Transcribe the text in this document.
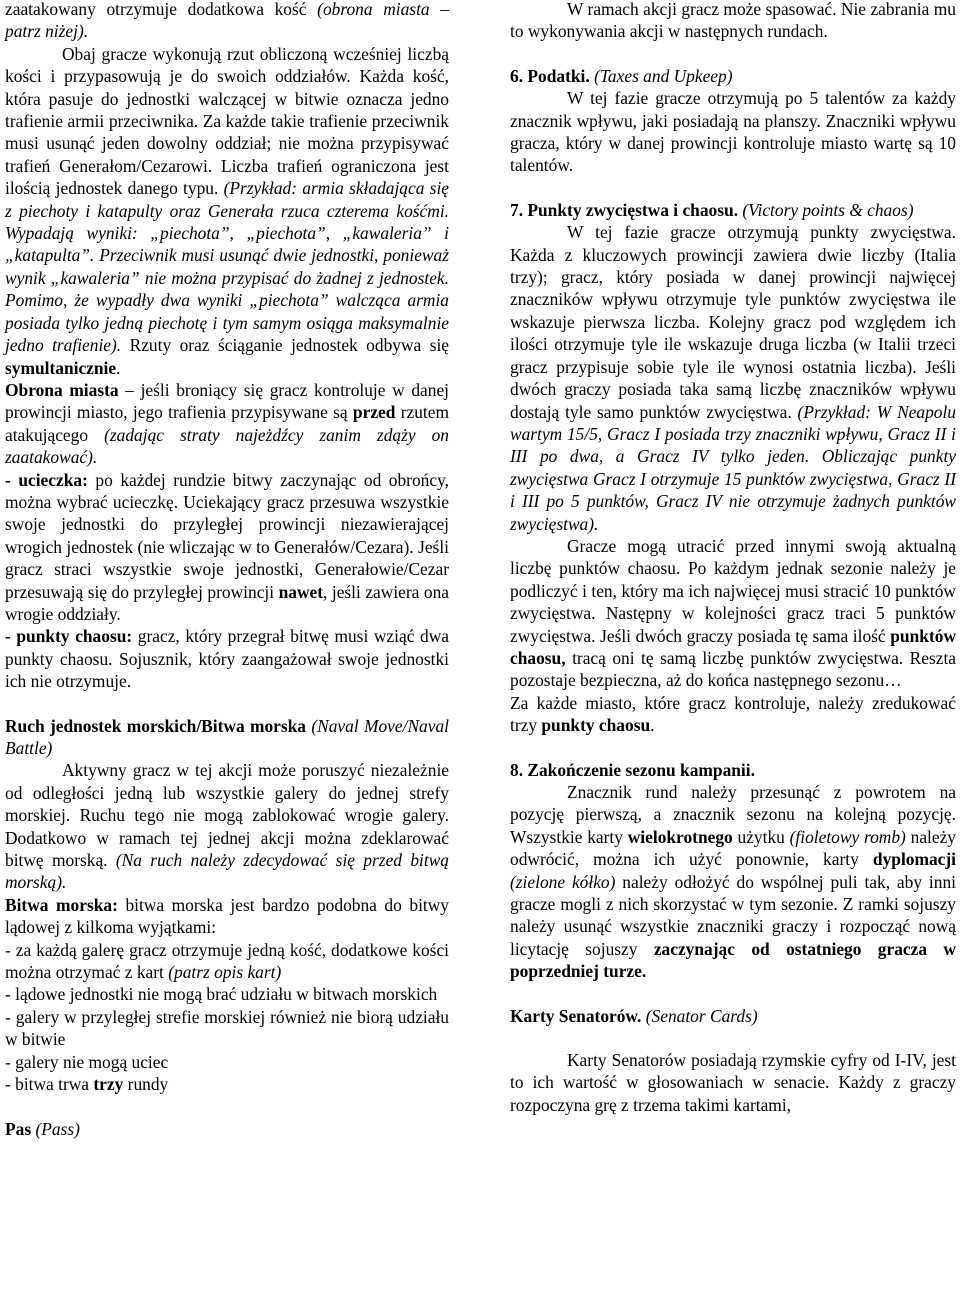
zaatakowany otrzymuje dodatkowa kość (obrona miasta – patrz niżej).

Obaj gracze wykonują rzut obliczoną wcześniej liczbą kości i przypasowują je do swoich oddziałów. Każda kość, która pasuje do jednostki walczącej w bitwie oznacza jedno trafienie armii przeciwnika. Za każde takie trafienie przeciwnik musi usunąć jeden dowolny oddział; nie można przypisywać trafień Generałom/Cezarowi. Liczba trafień ograniczona jest ilością jednostek danego typu. (Przykład: armia składająca się z piechoty i katapulty oraz Generała rzuca czterema kośćmi. Wypadają wyniki: „piechota”, „piechota”, „kawaleria” i „katapulta”. Przeciwnik musi usunąć dwie jednostki, ponieważ wynik „kawaleria” nie można przypisać do żadnej z jednostek. Pomimo, że wypadły dwa wyniki „piechota” walcząca armia posiada tylko jedną piechotę i tym samym osiąga maksymalnie jedno trafienie). Rzuty oraz ściąganie jednostek odbywa się symultanicznie.

Obrona miasta – jeśli broniący się gracz kontroluje w danej prowincji miasto, jego trafienia przypisywane są przed rzutem atakującego (zadając straty najeżdźcy zanim zdąży on zaatakować).

- ucieczka: po każdej rundzie bitwy zaczynając od obrońcy, można wybrać ucieczkę. Uciekający gracz przesuwa wszystkie swoje jednostki do przyległej prowincji niezawierającej wrogich jednostek (nie wliczając w to Generałów/Cezara). Jeśli gracz straci wszystkie swoje jednostki, Generałowie/Cezar przesuwają się do przyległej prowincji nawet, jeśli zawiera ona wrogie oddziały.

- punkty chaosu: gracz, który przegrał bitwę musi wziąć dwa punkty chaosu. Sojusznik, który zaangażował swoje jednostki ich nie otrzymuje.

Ruch jednostek morskich/Bitwa morska (Naval Move/Naval Battle)

Aktywny gracz w tej akcji może poruszyć niezależnie od odległości jedną lub wszystkie galery do jednej strefy morskiej. Ruchu tego nie mogą zablokować wrogie galery. Dodatkowo w ramach tej jednej akcji można zdeklarować bitwę morską. (Na ruch należy zdecydować się przed bitwą morską).

Bitwa morska: bitwa morska jest bardzo podobna do bitwy lądowej z kilkoma wyjątkami:

- za każdą galerę gracz otrzymuje jedną kość, dodatkowe kości można otrzymać z kart (patrz opis kart)

- lądowe jednostki nie mogą brać udziału w bitwach morskich

- galery w przyległej strefie morskiej również nie biorą udziału w bitwie

- galery nie mogą uciec

- bitwa trwa trzy rundy

Pas (Pass)

W ramach akcji gracz może spasować. Nie zabrania mu to wykonywania akcji w następnych rundach.

6. Podatki. (Taxes and Upkeep)

W tej fazie gracze otrzymują po 5 talentów za każdy znacznik wpływu, jaki posiadają na planszy. Znaczniki wpływu gracza, który w danej prowincji kontroluje miasto wartę są 10 talentów.

7. Punkty zwycięstwa i chaosu. (Victory points & chaos)

W tej fazie gracze otrzymują punkty zwycięstwa. Każda z kluczowych prowincji zawiera dwie liczby (Italia trzy); gracz, który posiada w danej prowincji najwięcej znaczników wpływu otrzymuje tyle punktów zwycięstwa ile wskazuje pierwsza liczba. Kolejny gracz pod względem ich ilości otrzymuje tyle ile wskazuje druga liczba (w Italii trzeci gracz przypisuje sobie tyle ile wynosi ostatnia liczba). Jeśli dwóch graczy posiada taka samą liczbę znaczników wpływu dostają tyle samo punktów zwycięstwa. (Przykład: W Neapolu wartym 15/5, Gracz I posiada trzy znaczniki wpływu, Gracz II i III po dwa, a Gracz IV tylko jeden. Obliczając punkty zwycięstwa Gracz I otrzymuje 15 punktów zwycięstwa, Gracz II i III po 5 punktów, Gracz IV nie otrzymuje żadnych punktów zwycięstwa).

Gracze mogą utracić przed innymi swoją aktualną liczbę punktów chaosu. Po każdym jednak sezonie należy je podliczyć i ten, który ma ich najwięcej musi stracić 10 punktów zwycięstwa. Następny w kolejności gracz traci 5 punktów zwycięstwa. Jeśli dwóch graczy posiada tę sama ilość punktów chaosu, tracą oni tę samą liczbę punktów zwycięstwa. Reszta pozostaje bezpieczna, aż do końca następnego sezonu…

Za każde miasto, które gracz kontroluje, należy zredukować trzy punkty chaosu.

8. Zakończenie sezonu kampanii.

Znacznik rund należy przesunąć z powrotem na pozycję pierwszą, a znacznik sezonu na kolejną pozycję. Wszystkie karty wielokrotnego użytku (fioletowy romb) należy odwrócić, można ich użyć ponownie, karty dyplomacji (zielone kółko) należy odłożyć do wspólnej puli tak, aby inni gracze mogli z nich skorzystać w tym sezonie. Z ramki sojuszy należy usunąć wszystkie znaczniki graczy i rozpocząć nową licytację sojuszy zaczynając od ostatniego gracza w poprzedniej turze.

Karty Senatorów. (Senator Cards)

Karty Senatorów posiadają rzymskie cyfry od I-IV, jest to ich wartość w głosowaniach w senacie. Każdy z graczy rozpoczyna grę z trzema takimi kartami,
